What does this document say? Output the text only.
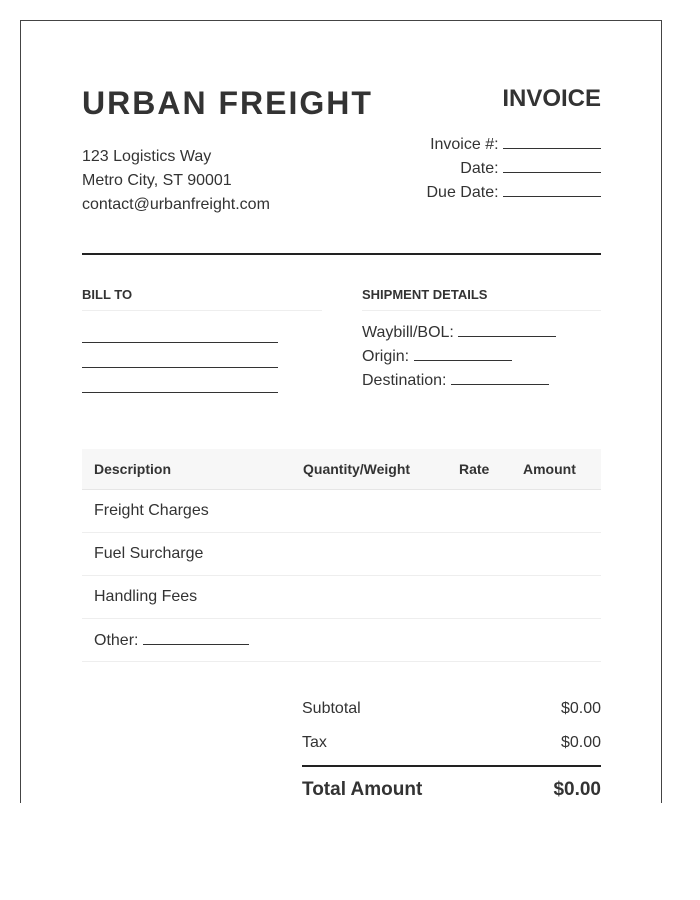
URBAN FREIGHT	INVOICE
123 Logistics Way
Metro City, ST 90001
contact@urbanfreight.com
Invoice #:
Date:
Due Date:
BILL TO	SHIPMENT DETAILS
Waybill/BOL:
Origin:
Destination:
Description	Quantity/Weight	Rate	Amount
Freight Charges			
Fuel Surcharge			
Handling Fees			
Other:			
Subtotal	$0.00
Tax	$0.00
Total Amount	$0.00
